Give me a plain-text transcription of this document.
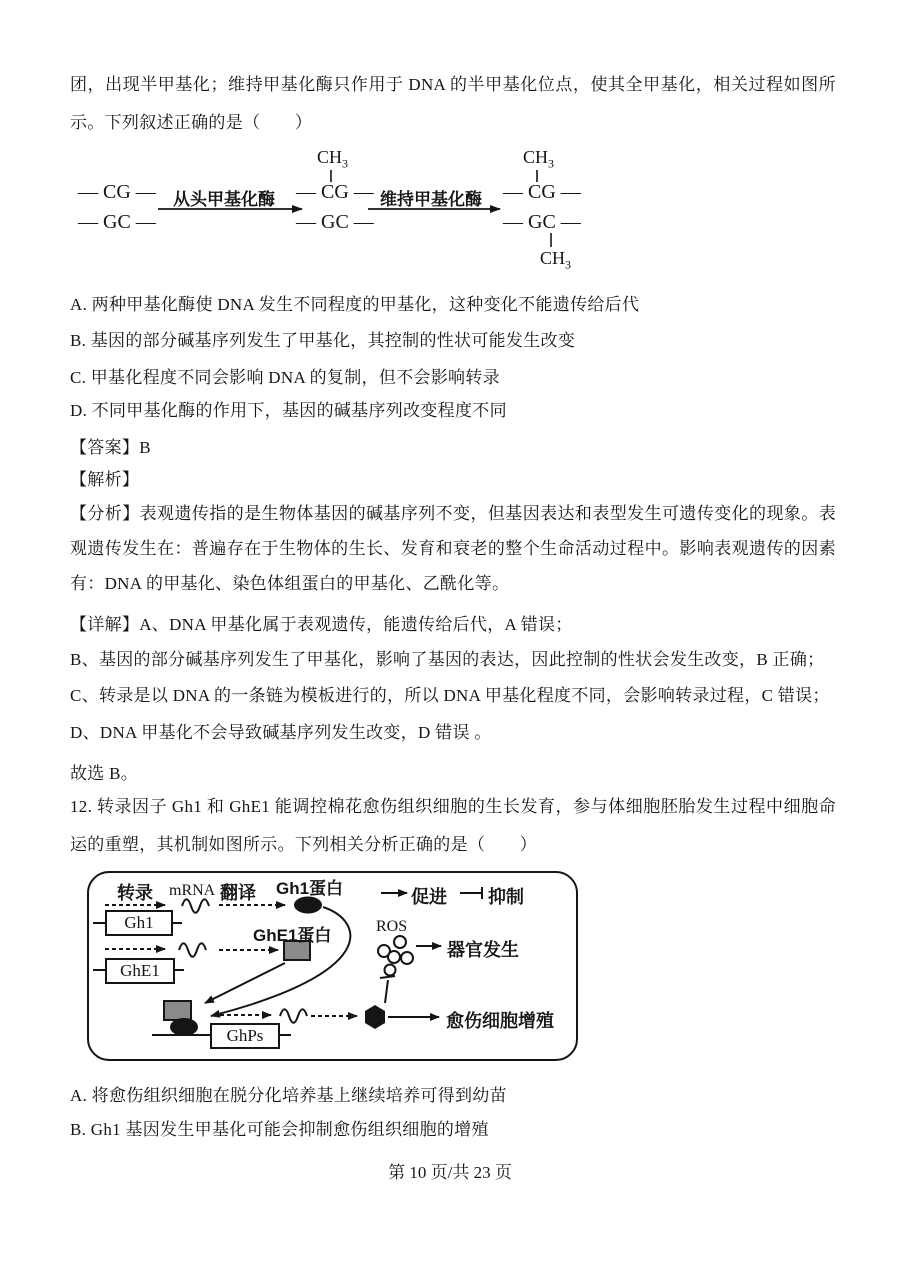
团，出现半甲基化；维持甲基化酶只作用于 DNA 的半甲基化位点，使其全甲基化，相关过程如图所示。下列叙述正确的是（　　）
— CG —
— GC —
— CG —
— GC —
— CG —
— GC —
$CH_3$	$CH_3$
$CH_3$
从头甲基化酶	维持甲基化酶
A. 两种甲基化酶使 DNA 发生不同程度的甲基化，这种变化不能遗传给后代
B. 基因的部分碱基序列发生了甲基化，其控制的性状可能发生改变
C. 甲基化程度不同会影响 DNA 的复制，但不会影响转录
D. 不同甲基化酶的作用下，基因的碱基序列改变程度不同
【答案】B
【解析】
【分析】表观遗传指的是生物体基因的碱基序列不变，但基因表达和表型发生可遗传变化的现象。表观遗传发生在：普遍存在于生物体的生长、发育和衰老的整个生命活动过程中。影响表观遗传的因素有：DNA 的甲基化、染色体组蛋白的甲基化、乙酰化等。
【详解】A、DNA 甲基化属于表观遗传，能遗传给后代，A 错误；
B、基因的部分碱基序列发生了甲基化，影响了基因的表达，因此控制的性状会发生改变，B 正确；
C、转录是以 DNA 的一条链为模板进行的，所以 DNA 甲基化程度不同，会影响转录过程，C 错误；
D、DNA 甲基化不会导致碱基序列发生改变，D 错误 。
故选 B。
12. 转录因子 Gh1 和 GhE1 能调控棉花愈伤组织细胞的生长发育，参与体细胞胚胎发生过程中细胞命运的重塑，其机制如图所示。下列相关分析正确的是（　　）
Gh1
GhE1
GhPs
转录 mRNA 翻译 Gh1蛋白
GhE1蛋白	ROS
促进 抑制
器官发生
愈伤细胞增殖
A. 将愈伤组织细胞在脱分化培养基上继续培养可得到幼苗
B. Gh1 基因发生甲基化可能会抑制愈伤组织细胞的增殖
第 10 页/共 23 页
